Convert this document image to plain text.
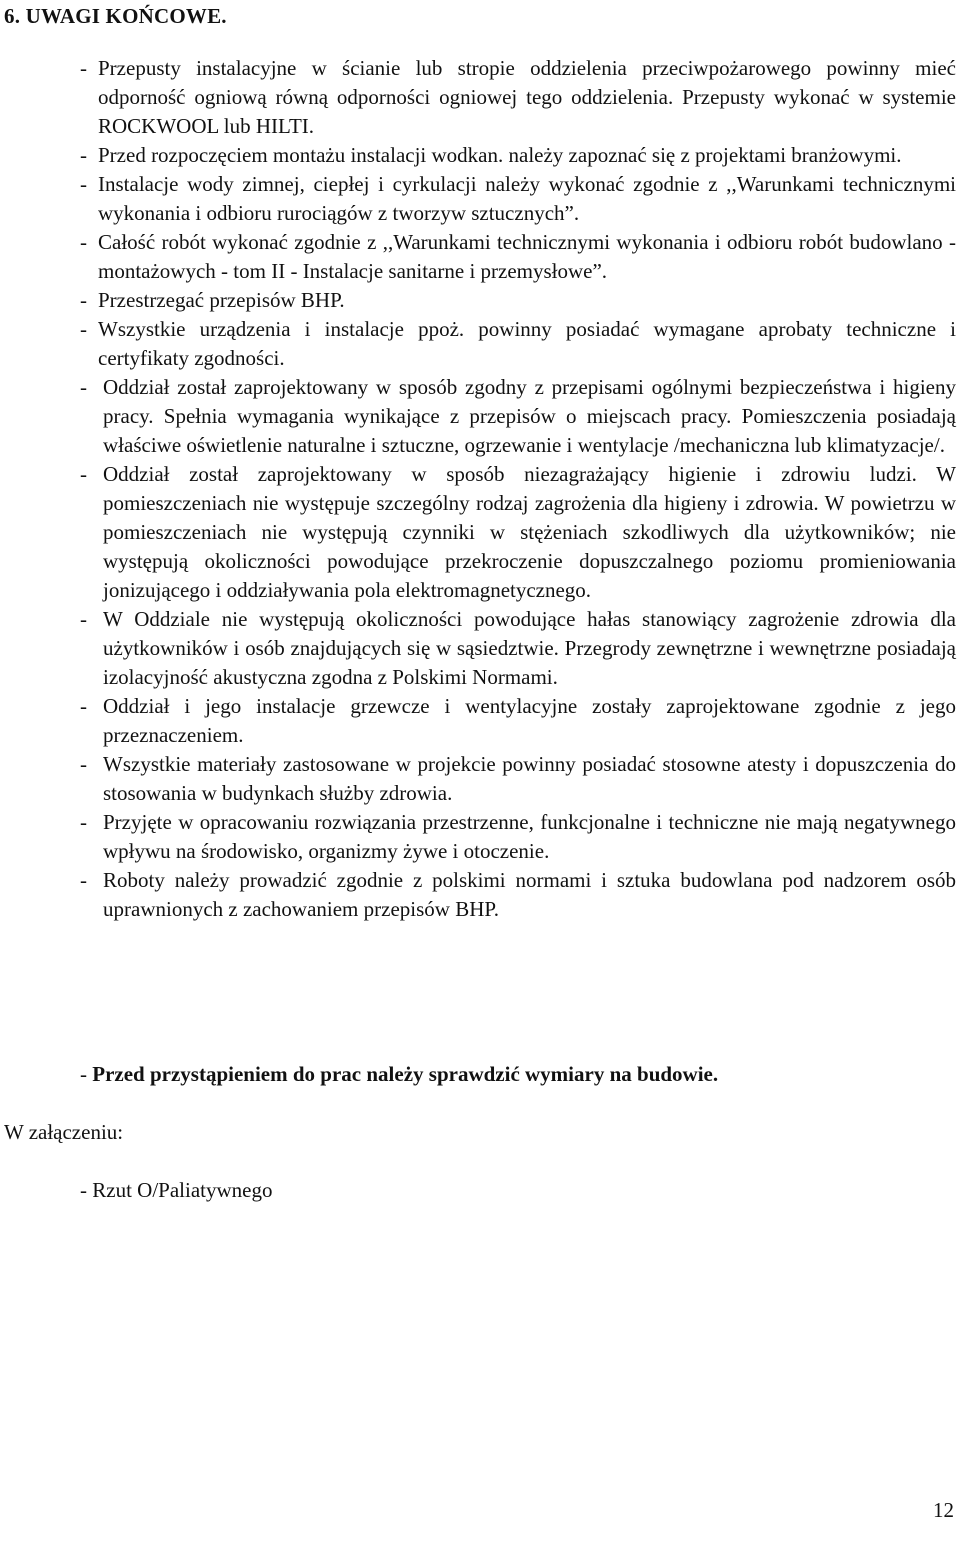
6. UWAGI KOŃCOWE.
- Przepusty instalacyjne w ścianie lub stropie oddzielenia przeciwpożarowego powinny mieć odporność ogniową równą odporności ogniowej tego oddzielenia. Przepusty wykonać w systemie ROCKWOOL lub HILTI.

- Przed rozpoczęciem montażu instalacji wodkan. należy zapoznać się z projektami branżowymi.

- Instalacje wody zimnej, ciepłej i cyrkulacji należy wykonać zgodnie z ,,Warunkami technicznymi wykonania i odbioru rurociągów z tworzyw sztucznych”.

- Całość robót wykonać zgodnie z ,,Warunkami technicznymi wykonania i odbioru robót budowlano - montażowych - tom II - Instalacje sanitarne i przemysłowe”.

- Przestrzegać przepisów BHP.

- Wszystkie urządzenia i instalacje ppoż. powinny posiadać wymagane aprobaty techniczne i certyfikaty zgodności.

- Oddział został zaprojektowany w sposób zgodny z przepisami ogólnymi bezpieczeństwa i higieny pracy. Spełnia wymagania wynikające z przepisów o miejscach pracy. Pomieszczenia posiadają właściwe oświetlenie naturalne i sztuczne, ogrzewanie i wentylacje /mechaniczna lub klimatyzacje/.

- Oddział został zaprojektowany w sposób niezagrażający higienie i zdrowiu ludzi. W pomieszczeniach nie występuje szczególny rodzaj zagrożenia dla higieny i zdrowia. W powietrzu w pomieszczeniach nie występują czynniki w stężeniach szkodliwych dla użytkowników; nie występują okoliczności powodujące przekroczenie dopuszczalnego poziomu promieniowania jonizującego i oddziaływania pola elektromagnetycznego.

- W Oddziale nie występują okoliczności powodujące hałas stanowiący zagrożenie zdrowia dla użytkowników i osób znajdujących się w sąsiedztwie. Przegrody zewnętrzne i wewnętrzne posiadają izolacyjność akustyczna zgodna z Polskimi Normami.

- Oddział i jego instalacje grzewcze i wentylacyjne zostały zaprojektowane zgodnie z jego przeznaczeniem.

- Wszystkie materiały zastosowane w projekcie powinny posiadać stosowne atesty i dopuszczenia do stosowania w budynkach służby zdrowia.

- Przyjęte w opracowaniu rozwiązania przestrzenne, funkcjonalne i techniczne nie mają negatywnego wpływu na środowisko, organizmy żywe i otoczenie.

- Roboty należy prowadzić zgodnie z polskimi normami i sztuka budowlana pod nadzorem osób uprawnionych z zachowaniem przepisów BHP.

- Przed przystąpieniem do prac należy sprawdzić wymiary na budowie.
W załączeniu:
- Rzut O/Paliatywnego
12
